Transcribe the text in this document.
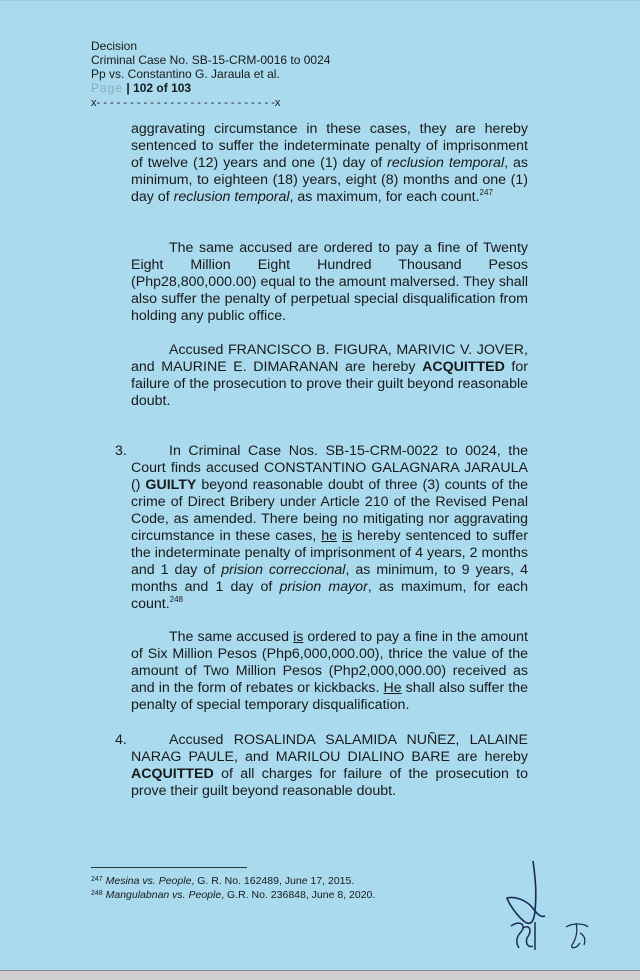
Decision
Criminal Case No. SB-15-CRM-0016 to 0024
Pp vs. Constantino G. Jaraula et al.
Page | 102 of 103
x- - - - - - - - - - - - - - - - - - - - - - - - - - -x
aggravating circumstance in these cases, they are hereby sentenced to suffer the indeterminate penalty of imprisonment of twelve (12) years and one (1) day of reclusion temporal, as minimum, to eighteen (18) years, eight (8) months and one (1) day of reclusion temporal, as maximum, for each count.$^{247}$
The same accused are ordered to pay a fine of Twenty Eight Million Eight Hundred Thousand Pesos (Php28,800,000.00) equal to the amount malversed. They shall also suffer the penalty of perpetual special disqualification from holding any public office.
Accused FRANCISCO B. FIGURA, MARIVIC V. JOVER, and MAURINE E. DIMARANAN are hereby ACQUITTED for failure of the prosecution to prove their guilt beyond reasonable doubt.
3.	In Criminal Case Nos. SB-15-CRM-0022 to 0024, the Court finds accused CONSTANTINO GALAGNARA JARAULA () GUILTY beyond reasonable doubt of three (3) counts of the crime of Direct Bribery under Article 210 of the Revised Penal Code, as amended. There being no mitigating nor aggravating circumstance in these cases, he is hereby sentenced to suffer the indeterminate penalty of imprisonment of 4 years, 2 months and 1 day of prision correccional, as minimum, to 9 years, 4 months and 1 day of prision mayor, as maximum, for each count.$^{248}$
The same accused is ordered to pay a fine in the amount of Six Million Pesos (Php6,000,000.00), thrice the value of the amount of Two Million Pesos (Php2,000,000.00) received as and in the form of rebates or kickbacks. He shall also suffer the penalty of special temporary disqualification.
4.	Accused ROSALINDA SALAMIDA NUÑEZ, LALAINE NARAG PAULE, and MARILOU DIALINO BARE are hereby ACQUITTED of all charges for failure of the prosecution to prove their guilt beyond reasonable doubt.
$^{247}$ Mesina vs. People, G. R. No. 162489, June 17, 2015.
$^{248}$ Mangulabnan vs. People, G.R. No. 236848, June 8, 2020.
